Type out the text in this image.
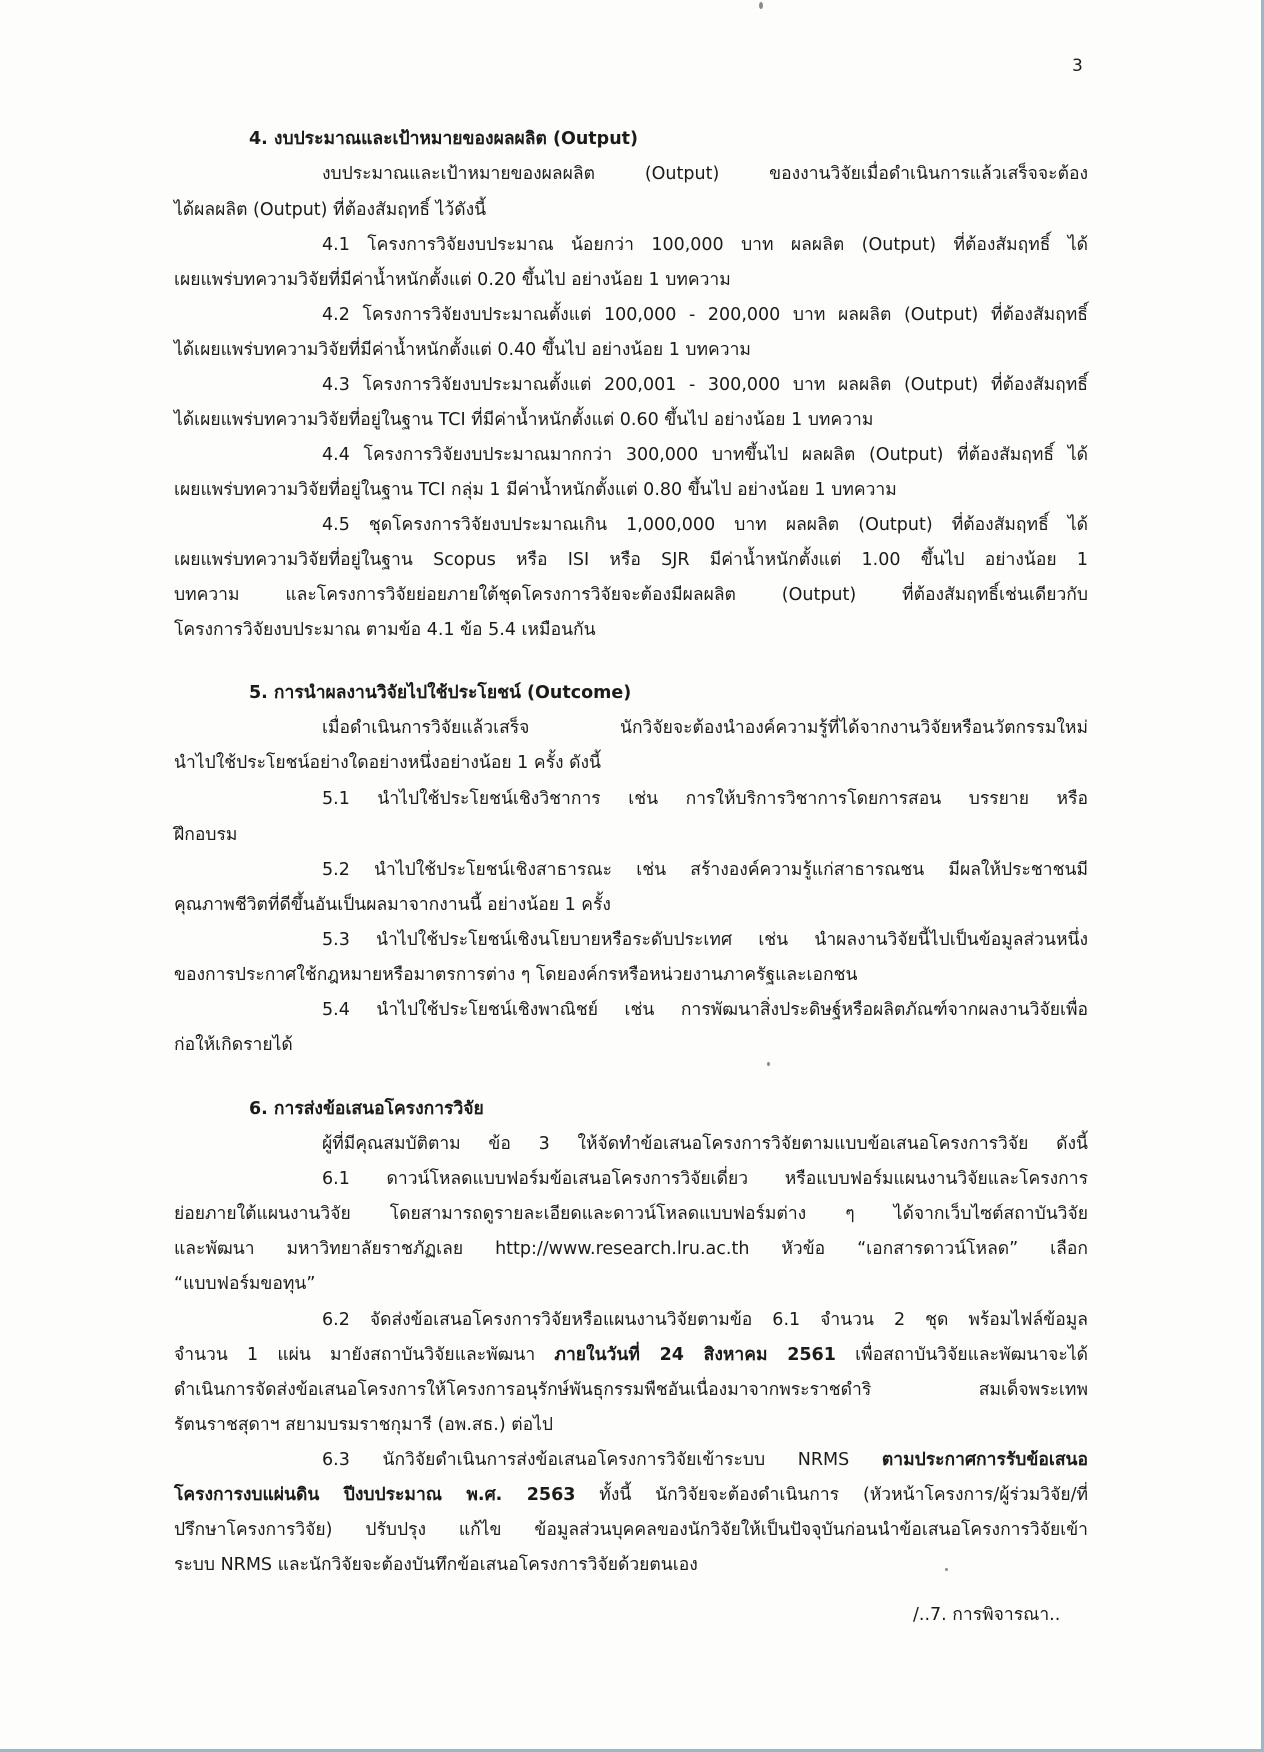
3
4. งบประมาณและเป้าหมายของผลผลิต (Output)
งบประมาณและเป้าหมายของผลผลิต (Output) ของงานวิจัยเมื่อดำเนินการแล้วเสร็จจะต้อง
ได้ผลผลิต (Output) ที่ต้องสัมฤทธิ์ ไว้ดังนี้
4.1 โครงการวิจัยงบประมาณ น้อยกว่า 100,000 บาท ผลผลิต (Output) ที่ต้องสัมฤทธิ์ ได้
เผยแพร่บทความวิจัยที่มีค่าน้ำหนักตั้งแต่ 0.20 ขึ้นไป อย่างน้อย 1 บทความ
4.2 โครงการวิจัยงบประมาณตั้งแต่ 100,000 - 200,000 บาท ผลผลิต (Output) ที่ต้องสัมฤทธิ์
ได้เผยแพร่บทความวิจัยที่มีค่าน้ำหนักตั้งแต่ 0.40 ขึ้นไป อย่างน้อย 1 บทความ
4.3 โครงการวิจัยงบประมาณตั้งแต่ 200,001 - 300,000 บาท ผลผลิต (Output) ที่ต้องสัมฤทธิ์
ได้เผยแพร่บทความวิจัยที่อยู่ในฐาน TCI ที่มีค่าน้ำหนักตั้งแต่ 0.60 ขึ้นไป อย่างน้อย 1 บทความ
4.4 โครงการวิจัยงบประมาณมากกว่า 300,000 บาทขึ้นไป ผลผลิต (Output) ที่ต้องสัมฤทธิ์ ได้
เผยแพร่บทความวิจัยที่อยู่ในฐาน TCI กลุ่ม 1 มีค่าน้ำหนักตั้งแต่ 0.80 ขึ้นไป อย่างน้อย 1 บทความ
4.5 ชุดโครงการวิจัยงบประมาณเกิน 1,000,000 บาท ผลผลิต (Output) ที่ต้องสัมฤทธิ์ ได้
เผยแพร่บทความวิจัยที่อยู่ในฐาน Scopus หรือ ISI หรือ SJR มีค่าน้ำหนักตั้งแต่ 1.00 ขึ้นไป อย่างน้อย 1
บทความ และโครงการวิจัยย่อยภายใต้ชุดโครงการวิจัยจะต้องมีผลผลิต (Output) ที่ต้องสัมฤทธิ์เช่นเดียวกับ
โครงการวิจัยงบประมาณ ตามข้อ 4.1 ข้อ 5.4 เหมือนกัน
5. การนำผลงานวิจัยไปใช้ประโยชน์ (Outcome)
เมื่อดำเนินการวิจัยแล้วเสร็จ นักวิจัยจะต้องนำองค์ความรู้ที่ได้จากงานวิจัยหรือนวัตกรรมใหม่
นำไปใช้ประโยชน์อย่างใดอย่างหนึ่งอย่างน้อย 1 ครั้ง ดังนี้
5.1 นำไปใช้ประโยชน์เชิงวิชาการ เช่น การให้บริการวิชาการโดยการสอน บรรยาย หรือ
ฝึกอบรม
5.2 นำไปใช้ประโยชน์เชิงสาธารณะ เช่น สร้างองค์ความรู้แก่สาธารณชน มีผลให้ประชาชนมี
คุณภาพชีวิตที่ดีขึ้นอันเป็นผลมาจากงานนี้ อย่างน้อย 1 ครั้ง
5.3 นำไปใช้ประโยชน์เชิงนโยบายหรือระดับประเทศ เช่น นำผลงานวิจัยนี้ไปเป็นข้อมูลส่วนหนึ่ง
ของการประกาศใช้กฎหมายหรือมาตรการต่าง ๆ โดยองค์กรหรือหน่วยงานภาครัฐและเอกชน
5.4 นำไปใช้ประโยชน์เชิงพาณิชย์ เช่น การพัฒนาสิ่งประดิษฐ์หรือผลิตภัณฑ์จากผลงานวิจัยเพื่อ
ก่อให้เกิดรายได้
6. การส่งข้อเสนอโครงการวิจัย
ผู้ที่มีคุณสมบัติตาม ข้อ 3 ให้จัดทำข้อเสนอโครงการวิจัยตามแบบข้อเสนอโครงการวิจัย ดังนี้
6.1 ดาวน์โหลดแบบฟอร์มข้อเสนอโครงการวิจัยเดี่ยว หรือแบบฟอร์มแผนงานวิจัยและโครงการ
ย่อยภายใต้แผนงานวิจัย โดยสามารถดูรายละเอียดและดาวน์โหลดแบบฟอร์มต่าง ๆ ได้จากเว็บไซต์สถาบันวิจัย
และพัฒนา มหาวิทยาลัยราชภัฏเลย http://www.research.lru.ac.th หัวข้อ “เอกสารดาวน์โหลด” เลือก
“แบบฟอร์มขอทุน”
6.2 จัดส่งข้อเสนอโครงการวิจัยหรือแผนงานวิจัยตามข้อ 6.1 จำนวน 2 ชุด พร้อมไฟล์ข้อมูล
จำนวน 1 แผ่น มายังสถาบันวิจัยและพัฒนา ภายในวันที่ 24 สิงหาคม 2561 เพื่อสถาบันวิจัยและพัฒนาจะได้
ดำเนินการจัดส่งข้อเสนอโครงการให้โครงการอนุรักษ์พันธุกรรมพืชอันเนื่องมาจากพระราชดำริ สมเด็จพระเทพ
รัตนราชสุดาฯ สยามบรมราชกุมารี (อพ.สธ.) ต่อไป
6.3 นักวิจัยดำเนินการส่งข้อเสนอโครงการวิจัยเข้าระบบ NRMS ตามประกาศการรับข้อเสนอ
โครงการงบแผ่นดิน ปีงบประมาณ พ.ศ. 2563 ทั้งนี้ นักวิจัยจะต้องดำเนินการ (หัวหน้าโครงการ/ผู้ร่วมวิจัย/ที่
ปรึกษาโครงการวิจัย) ปรับปรุง แก้ไข ข้อมูลส่วนบุคคลของนักวิจัยให้เป็นปัจจุบันก่อนนำข้อเสนอโครงการวิจัยเข้า
ระบบ NRMS และนักวิจัยจะต้องบันทึกข้อเสนอโครงการวิจัยด้วยตนเอง
/..7. การพิจารณา..
